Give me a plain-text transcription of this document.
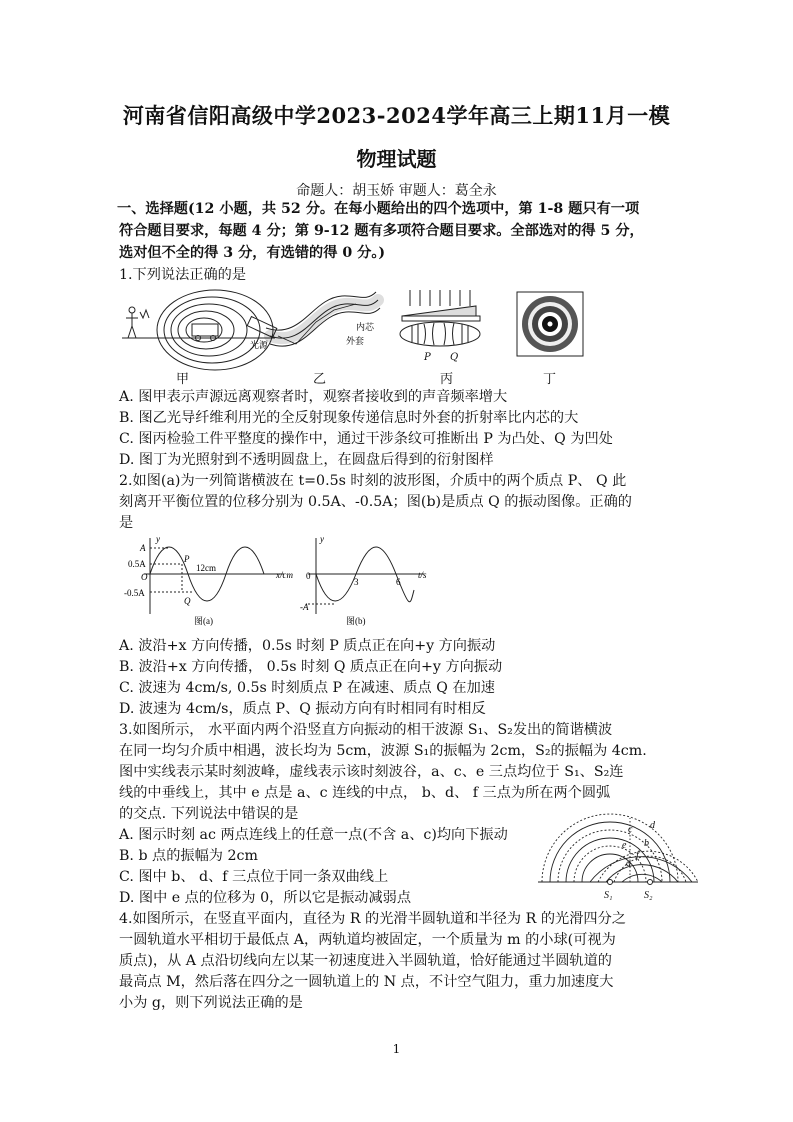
河南省信阳高级中学2023-2024学年高三上期11月一模
物理试题
命题人：胡玉娇 审题人：葛全永
一、选择题(12 小题，共 52 分。在每小题给出的四个选项中，第 1-8 题只有一项
符合题目要求，每题 4 分；第 9-12 题有多项符合题目要求。全部选对的得 5 分，
选对但不全的得 3 分，有选错的得 0 分。)
1.下列说法正确的是
光源
内芯
外套
P Q
甲	乙	丙	丁
A. 图甲表示声源远离观察者时，观察者接收到的声音频率增大
B. 图乙光导纤维利用光的全反射现象传递信息时外套的折射率比内芯的大
C. 图丙检验工件平整度的操作中，通过干涉条纹可推断出 P 为凸处、Q 为凹处
D. 图丁为光照射到不透明圆盘上，在圆盘后得到的衍射图样
2.如图(a)为一列简谐横波在 t=0.5s 时刻的波形图，介质中的两个质点 P、 Q 此
刻离开平衡位置的位移分别为 0.5A、-0.5A；图(b)是质点 Q 的振动图像。正确的
是
y
A
0.5A
O
-0.5A
P
Q
12cm
x/cm
图(a)
y
0
3	6
t/s
-A
图(b)
A. 波沿+x 方向传播，0.5s 时刻 P 质点正在向+y 方向振动
B. 波沿+x 方向传播， 0.5s 时刻 Q 质点正在向+y 方向振动
C. 波速为 4cm/s, 0.5s 时刻质点 P 在减速、质点 Q 在加速
D. 波速为 4cm/s，质点 P、Q 振动方向有时相同有时相反
3.如图所示， 水平面内两个沿竖直方向振动的相干波源 S₁、S₂发出的简谐横波
在同一均匀介质中相遇，波长均为 5cm，波源 S₁的振幅为 2cm，S₂的振幅为 4cm.
图中实线表示某时刻波峰，虚线表示该时刻波谷，a、c、e 三点均位于 S₁、S₂连
线的中垂线上，其中 e 点是 a、c 连线的中点， b、d、 f 三点为所在两个圆弧
的交点. 下列说法中错误的是
A. 图示时刻 ac 两点连线上的任意一点(不含 a、c)均向下振动
B. b 点的振幅为 2cm
C. 图中 b、 d、f 三点位于同一条双曲线上
D. 图中 e 点的位移为 0，所以它是振动减弱点
c d
b
e
f
a
S₁	S₂
4.如图所示，在竖直平面内，直径为 R 的光滑半圆轨道和半径为 R 的光滑四分之
一圆轨道水平相切于最低点 A，两轨道均被固定，一个质量为 m 的小球(可视为
质点)，从 A 点沿切线向左以某一初速度进入半圆轨道，恰好能通过半圆轨道的
最高点 M，然后落在四分之一圆轨道上的 N 点，不计空气阻力，重力加速度大
小为 g，则下列说法正确的是
1
